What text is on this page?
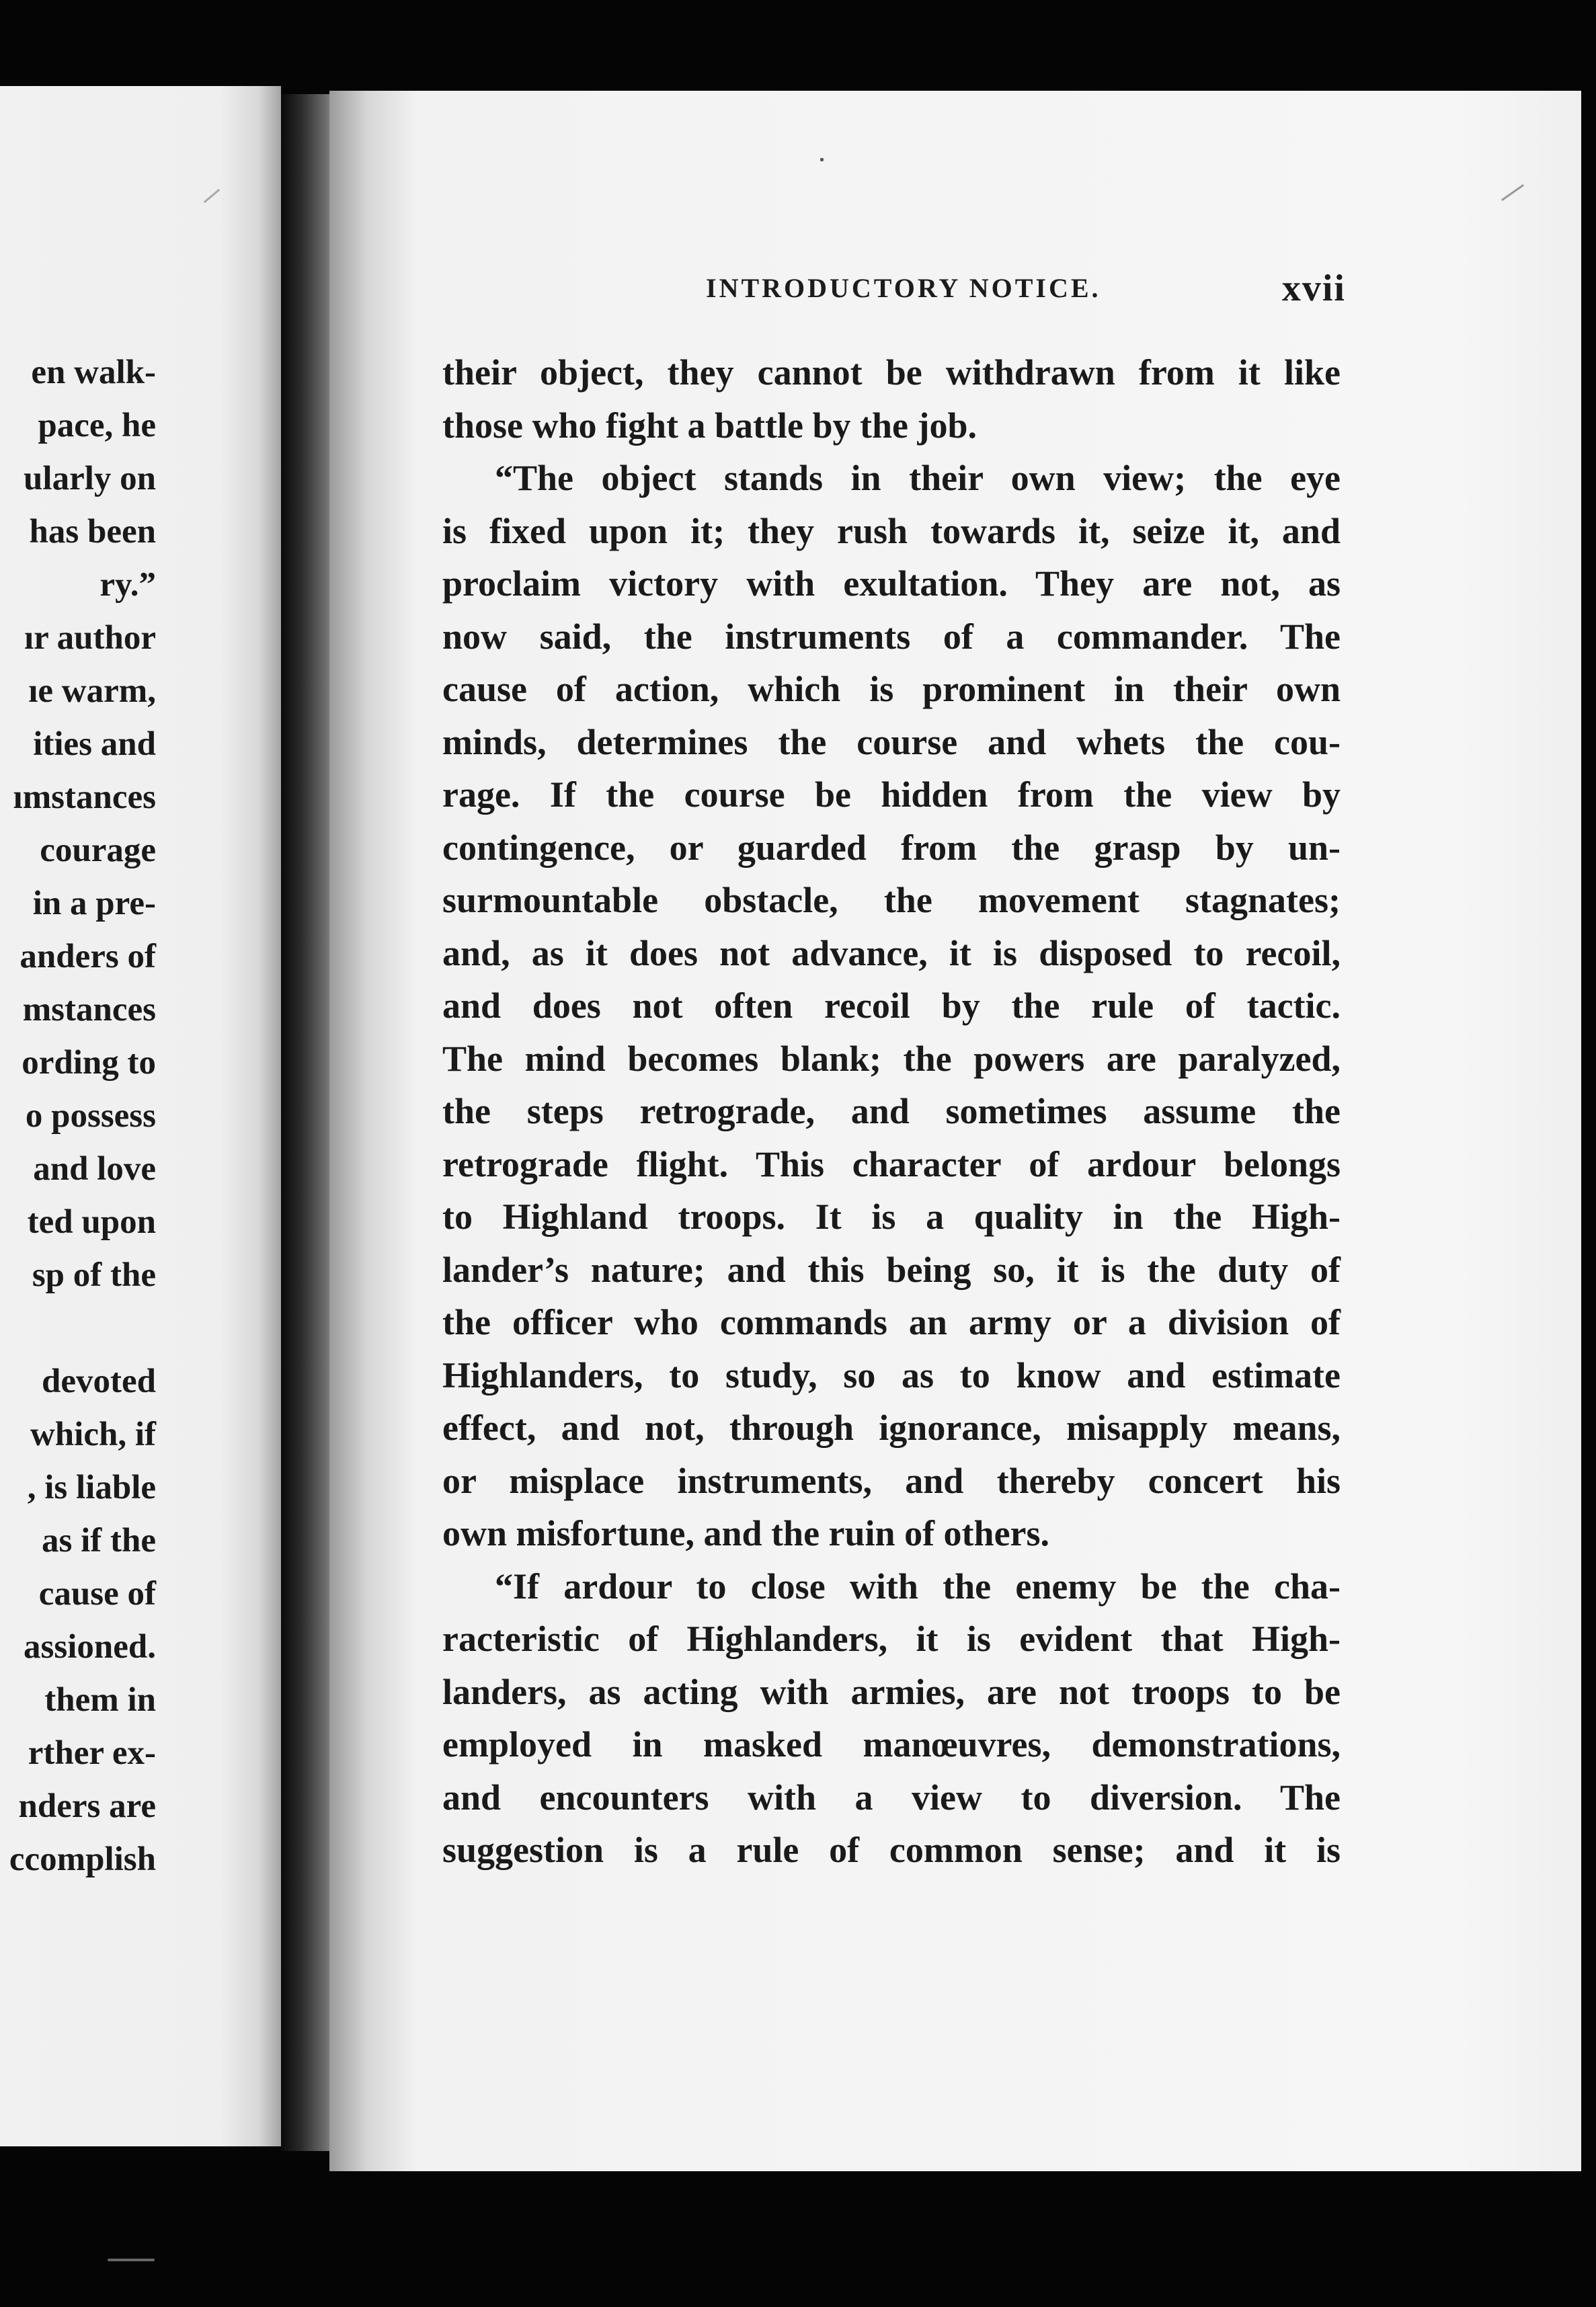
en walk-
pace, he
ularly on
has been
ry.”
ır author
ıe warm,
ities and
ımstances
courage
in a pre-
anders of
mstances
ording to
o possess
and love
ted upon
sp of the
devoted
which, if
, is liable
as if the
cause of
assioned.
them in
rther ex-
nders are
ccomplish
INTRODUCTORY NOTICE.	xvii
their object, they cannot be withdrawn from it like
those who fight a battle by the job.
“The object stands in their own view; the eye
is fixed upon it; they rush towards it, seize it, and
proclaim victory with exultation. They are not, as
now said, the instruments of a commander. The
cause of action, which is prominent in their own
minds, determines the course and whets the cou-
rage. If the course be hidden from the view by
contingence, or guarded from the grasp by un-
surmountable obstacle, the movement stagnates;
and, as it does not advance, it is disposed to recoil,
and does not often recoil by the rule of tactic.
The mind becomes blank; the powers are paralyzed,
the steps retrograde, and sometimes assume the
retrograde flight. This character of ardour belongs
to Highland troops. It is a quality in the High-
lander’s nature; and this being so, it is the duty of
the officer who commands an army or a division of
Highlanders, to study, so as to know and estimate
effect, and not, through ignorance, misapply means,
or misplace instruments, and thereby concert his
own misfortune, and the ruin of others.
“If ardour to close with the enemy be the cha-
racteristic of Highlanders, it is evident that High-
landers, as acting with armies, are not troops to be
employed in masked manœuvres, demonstrations,
and encounters with a view to diversion. The
suggestion is a rule of common sense; and it is
